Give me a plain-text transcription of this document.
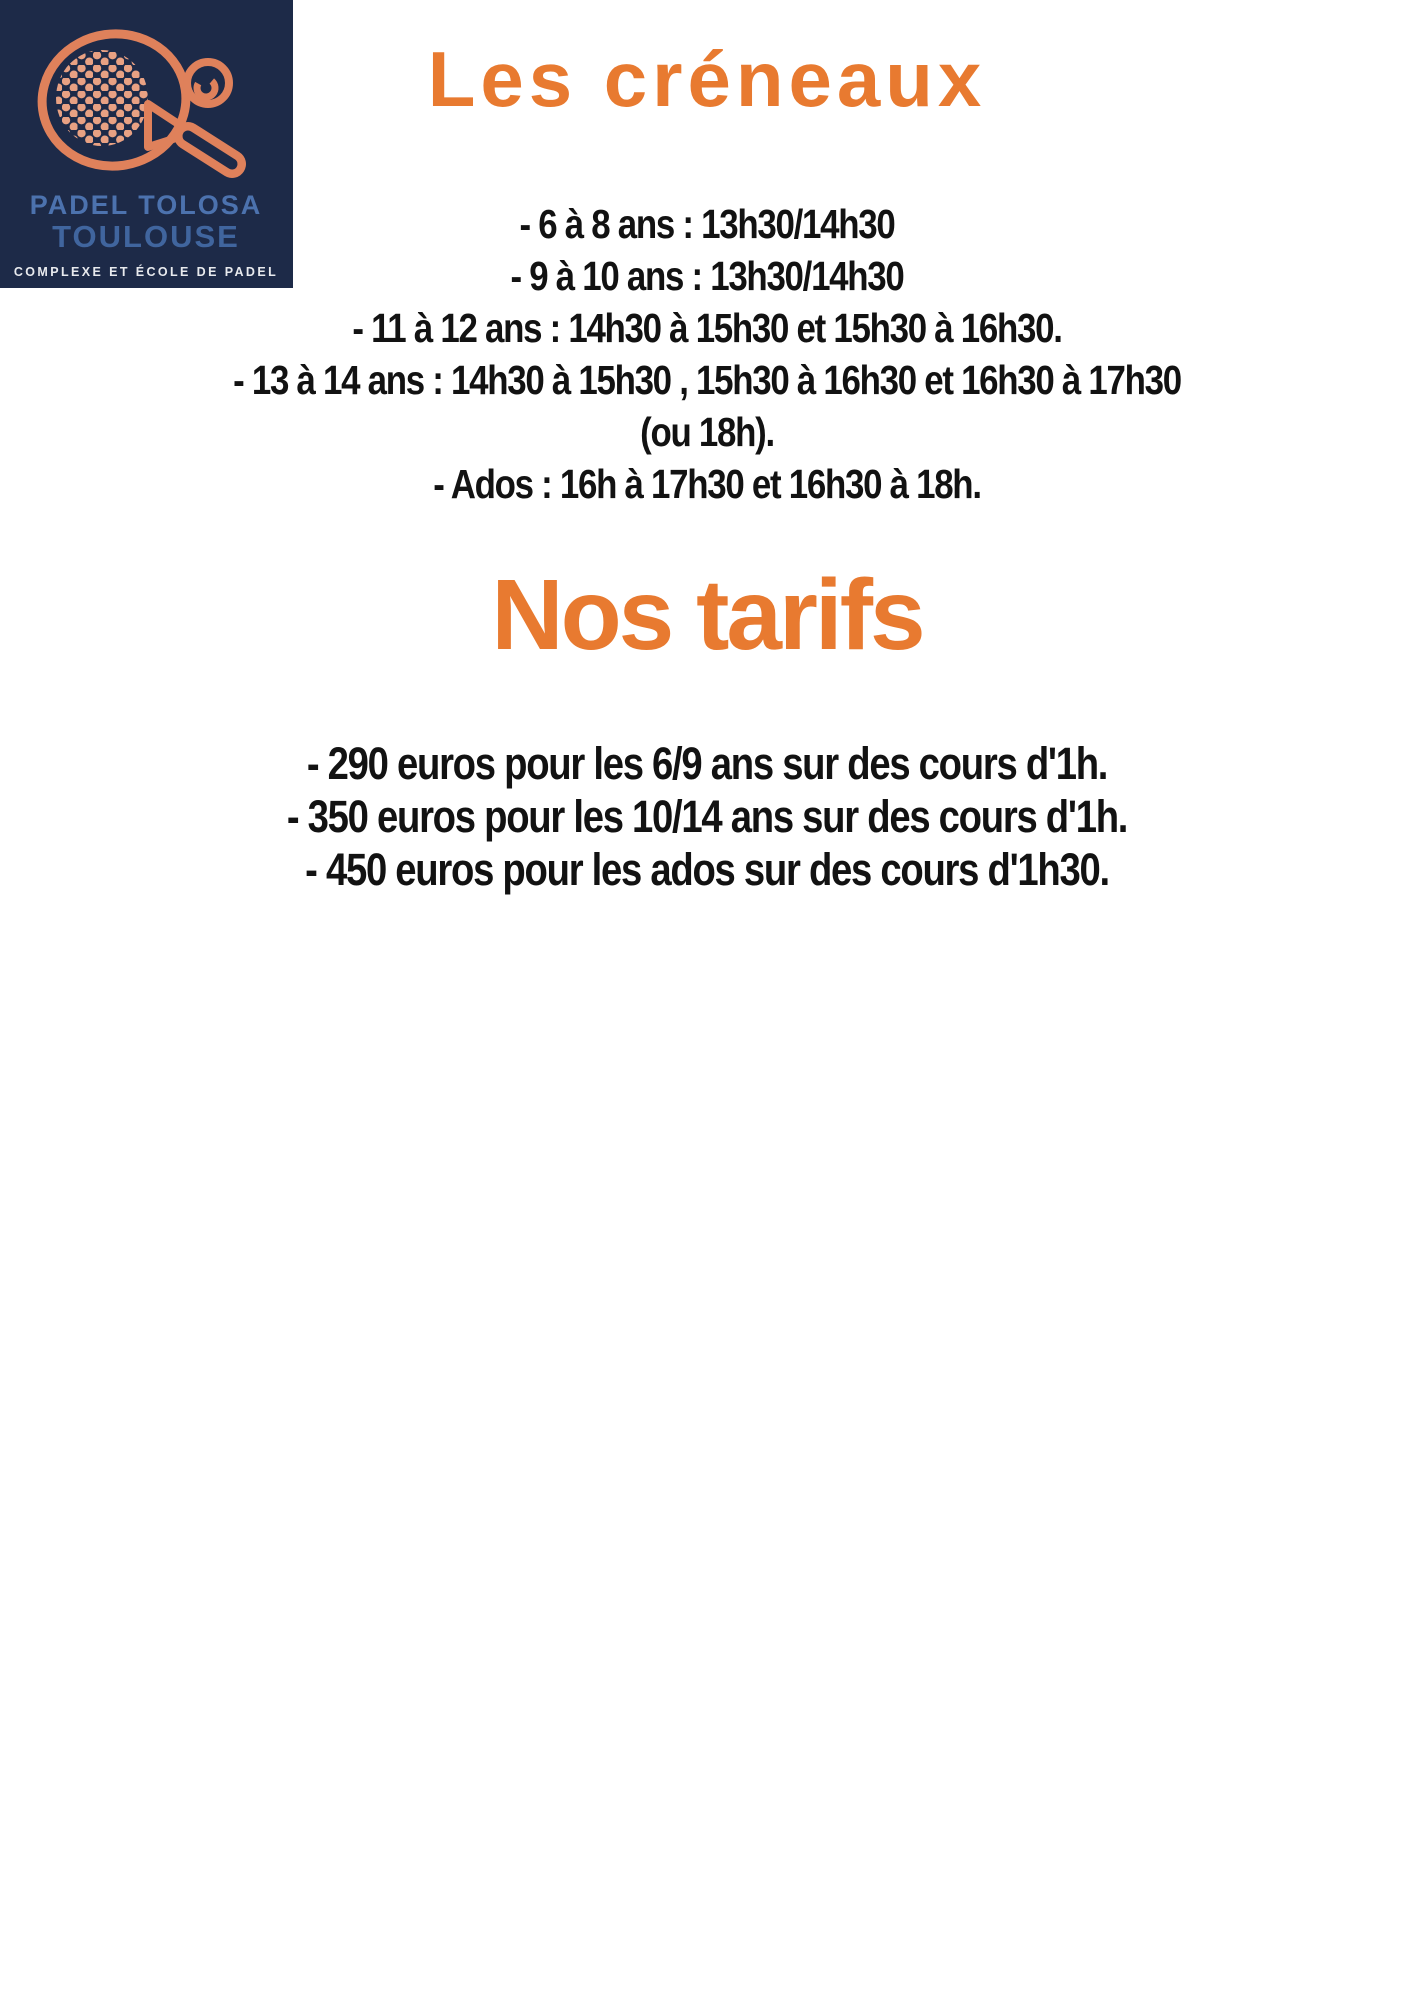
PADEL TOLOSA
TOULOUSE
COMPLEXE ET ÉCOLE DE PADEL
Les créneaux
- 6 à 8 ans : 13h30/14h30
- 9 à 10 ans : 13h30/14h30
- 11 à 12 ans : 14h30 à 15h30 et 15h30 à 16h30.
- 13 à 14 ans : 14h30 à 15h30 , 15h30 à 16h30 et 16h30 à 17h30
(ou 18h).
- Ados : 16h à 17h30 et 16h30 à 18h.
Nos tarifs
- 290 euros pour les 6/9 ans sur des cours d'1h.
- 350 euros pour les 10/14 ans sur des cours d'1h.
- 450 euros pour les ados sur des cours d'1h30.
